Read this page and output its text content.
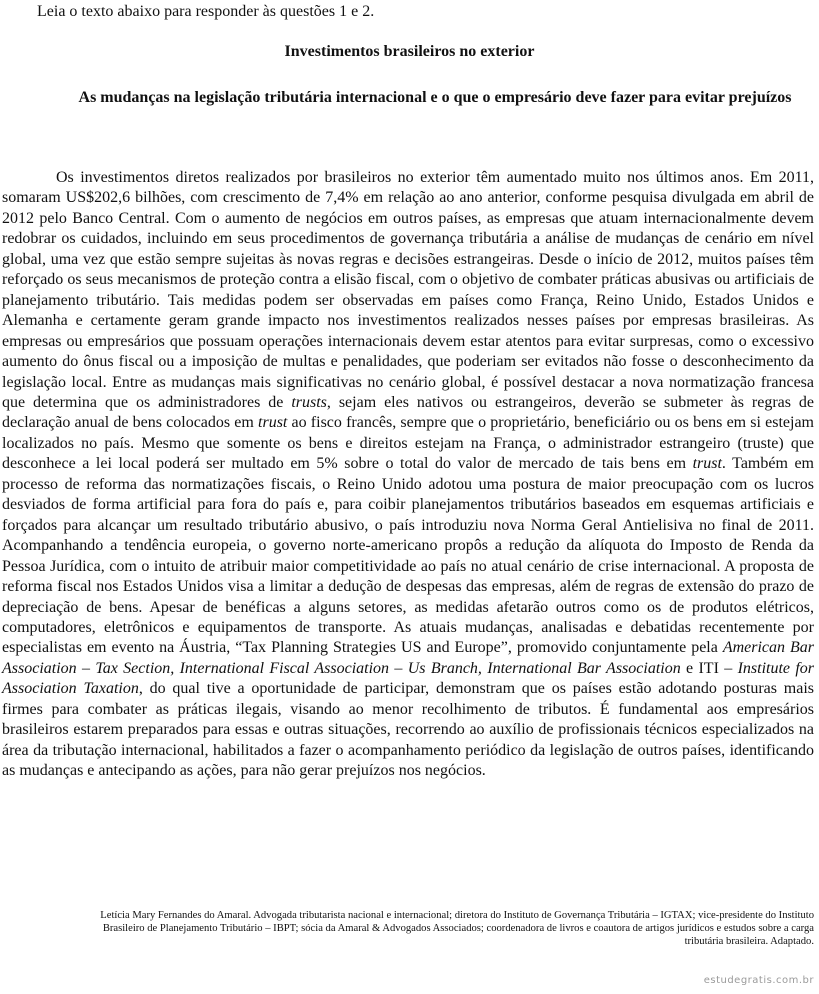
Leia o texto abaixo para responder às questões 1 e 2.
Investimentos brasileiros no exterior
As mudanças na legislação tributária internacional e o que o empresário deve fazer para evitar prejuízos

Os investimentos diretos realizados por brasileiros no exterior têm aumentado muito nos últimos anos. Em 2011, somaram US$202,6 bilhões, com crescimento de 7,4% em relação ao ano anterior, conforme pesquisa divulgada em abril de 2012 pelo Banco Central. Com o aumento de negócios em outros países, as empresas que atuam internacionalmente devem redobrar os cuidados, incluindo em seus procedimentos de governança tributária a análise de mudanças de cenário em nível global, uma vez que estão sempre sujeitas às novas regras e decisões estrangeiras. Desde o início de 2012, muitos países têm reforçado os seus mecanismos de proteção contra a elisão fiscal, com o objetivo de combater práticas abusivas ou artificiais de planejamento tributário. Tais medidas podem ser observadas em países como França, Reino Unido, Estados Unidos e Alemanha e certamente geram grande impacto nos investimentos realizados nesses países por empresas brasileiras. As empresas ou empresários que possuam operações internacionais devem estar atentos para evitar surpresas, como o excessivo aumento do ônus fiscal ou a imposição de multas e penalidades, que poderiam ser evitados não fosse o desconhecimento da legislação local. Entre as mudanças mais significativas no cenário global, é possível destacar a nova normatização francesa que determina que os administradores de trusts, sejam eles nativos ou estrangeiros, deverão se submeter às regras de declaração anual de bens colocados em trust ao fisco francês, sempre que o proprietário, beneficiário ou os bens em si estejam localizados no país. Mesmo que somente os bens e direitos estejam na França, o administrador estrangeiro (truste) que desconhece a lei local poderá ser multado em 5% sobre o total do valor de mercado de tais bens em trust. Também em processo de reforma das normatizações fiscais, o Reino Unido adotou uma postura de maior preocupação com os lucros desviados de forma artificial para fora do país e, para coibir planejamentos tributários baseados em esquemas artificiais e forçados para alcançar um resultado tributário abusivo, o país introduziu nova Norma Geral Antielisiva no final de 2011. Acompanhando a tendência europeia, o governo norte-americano propôs a redução da alíquota do Imposto de Renda da Pessoa Jurídica, com o intuito de atribuir maior competitividade ao país no atual cenário de crise internacional. A proposta de reforma fiscal nos Estados Unidos visa a limitar a dedução de despesas das empresas, além de regras de extensão do prazo de depreciação de bens. Apesar de benéficas a alguns setores, as medidas afetarão outros como os de produtos elétricos, computadores, eletrônicos e equipamentos de transporte. As atuais mudanças, analisadas e debatidas recentemente por especialistas em evento na Áustria, “Tax Planning Strategies US and Europe”, promovido conjuntamente pela American Bar Association – Tax Section, International Fiscal Association – Us Branch, International Bar Association e ITI – Institute for Association Taxation, do qual tive a oportunidade de participar, demonstram que os países estão adotando posturas mais firmes para combater as práticas ilegais, visando ao menor recolhimento de tributos. É fundamental aos empresários brasileiros estarem preparados para essas e outras situações, recorrendo ao auxílio de profissionais técnicos especializados na área da tributação internacional, habilitados a fazer o acompanhamento periódico da legislação de outros países, identificando as mudanças e antecipando as ações, para não gerar prejuízos nos negócios.

Letícia Mary Fernandes do Amaral. Advogada tributarista nacional e internacional; diretora do Instituto de Governança Tributária – IGTAX; vice-presidente do Instituto Brasileiro de Planejamento Tributário – IBPT; sócia da Amaral & Advogados Associados; coordenadora de livros e coautora de artigos jurídicos e estudos sobre a carga tributária brasileira. Adaptado.

estudegratis.com.br
